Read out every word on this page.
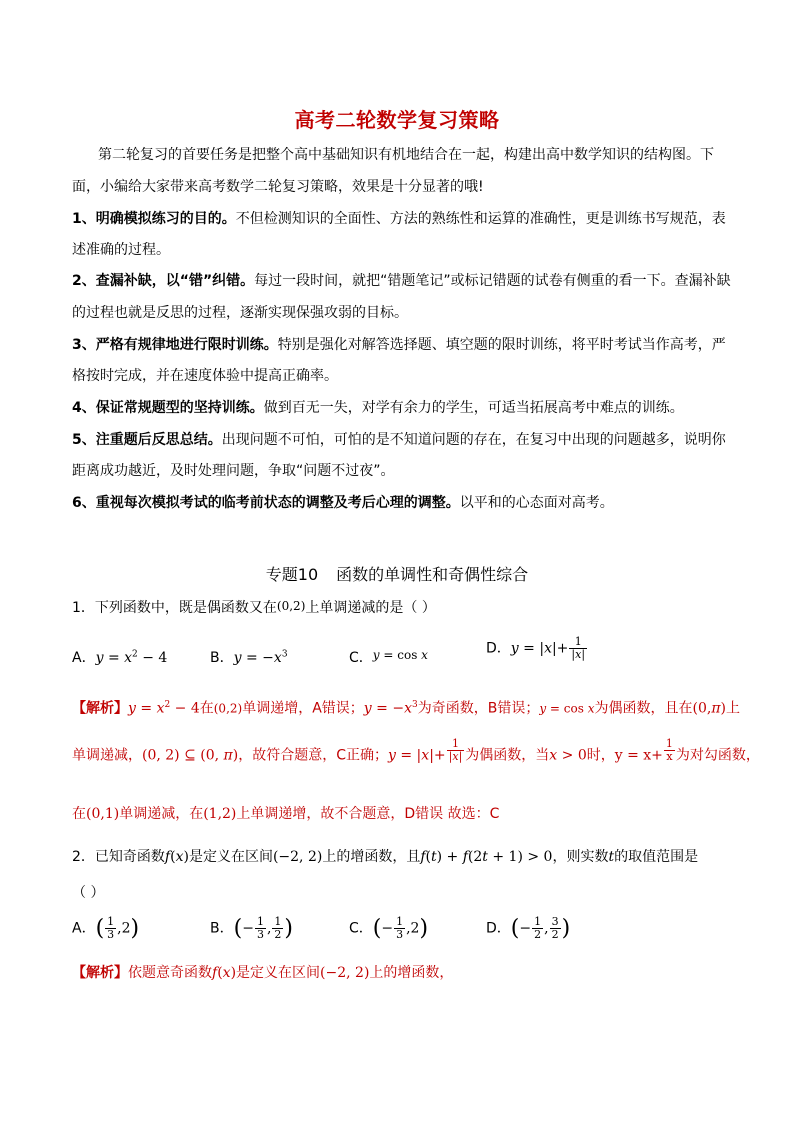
高考二轮数学复习策略
第二轮复习的首要任务是把整个高中基础知识有机地结合在一起，构建出高中数学知识的结构图。下
面，小编给大家带来高考数学二轮复习策略，效果是十分显著的哦!
1、明确模拟练习的目的。不但检测知识的全面性、方法的熟练性和运算的准确性，更是训练书写规范，表
述准确的过程。
2、查漏补缺，以“错”纠错。每过一段时间，就把“错题笔记”或标记错题的试卷有侧重的看一下。查漏补缺
的过程也就是反思的过程，逐渐实现保强攻弱的目标。
3、严格有规律地进行限时训练。特别是强化对解答选择题、填空题的限时训练，将平时考试当作高考，严
格按时完成，并在速度体验中提高正确率。
4、保证常规题型的坚持训练。做到百无一失，对学有余力的学生，可适当拓展高考中难点的训练。
5、注重题后反思总结。出现问题不可怕，可怕的是不知道问题的存在，在复习中出现的问题越多，说明你
距离成功越近，及时处理问题，争取“问题不过夜”。
6、重视每次模拟考试的临考前状态的调整及考后心理的调整。以平和的心态面对高考。
专题10 函数的单调性和奇偶性综合
1．下列函数中，既是偶函数又在(0,2)上单调递减的是（ ）
A．$y = x^2 - 4$	B．$y = -x^3$	C．y = cos x	D．$y = |x|+ \frac{1}{|x|}$
【解析】$y = x^2 - 4$在(0,2)单调递增，A错误；$y = -x^3$为奇函数，B错误；y = cos x为偶函数，且在(0,π)上
单调递减，(0, 2) ⊆ (0, π)，故符合题意，C正确；$y = |x|+ \frac{1}{|x|}$ 为偶函数，当x > 0时，$y = x+ \frac{1}{x}$ 为对勾函数，
在(0,1)单调递减，在(1,2)上单调递增，故不合题意，D错误 故选：C
2．已知奇函数f(x)是定义在区间(−2, 2)上的增函数，且f(t) + f(2t + 1) > 0，则实数t的取值范围是
（ ）
A．( $\frac{1}{3} ,2$)	B．(− $\frac{1}{3}$ , $\frac{1}{2}$ )	C．(− $\frac{1}{3} ,2$)	D．(− $\frac{1}{2}$ , $\frac{3}{2}$ )
【解析】依题意奇函数f(x)是定义在区间(−2, 2)上的增函数，
